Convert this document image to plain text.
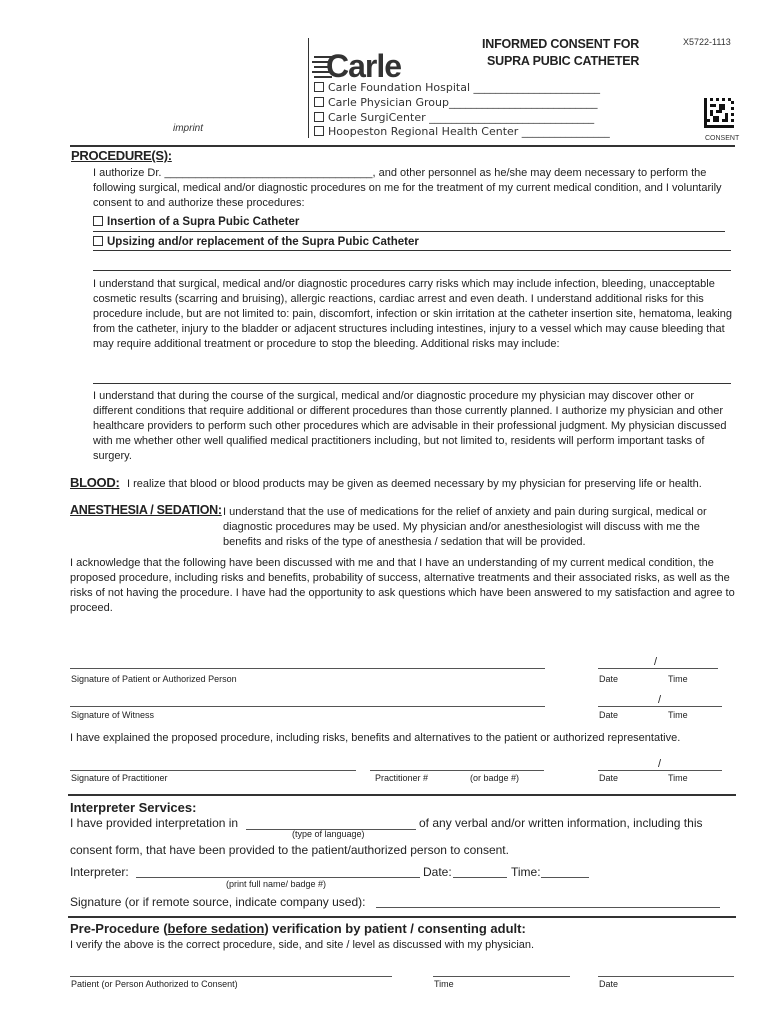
Carle
INFORMED CONSENT FOR
SUPRA PUBIC CATHETER
X5722-1113
Carle Foundation Hospital _______________________
Carle Physician Group___________________________
Carle SurgiCenter ______________________________
Hoopeston Regional Health Center ________________
imprint
CONSENT
PROCEDURE(S):
I authorize Dr. __________________________________, and other personnel as he/she may deem necessary to perform the following surgical, medical and/or diagnostic procedures on me for the treatment of my current medical condition, and I voluntarily consent to and authorize these procedures:
Insertion of a Supra Pubic Catheter
Upsizing and/or replacement of the Supra Pubic Catheter
I understand that surgical, medical and/or diagnostic procedures carry risks which may include infection, bleeding, unacceptable cosmetic results (scarring and bruising), allergic reactions, cardiac arrest and even death. I understand additional risks for this procedure include, but are not limited to: pain, discomfort, infection or skin irritation at the catheter insertion site, hematoma, leaking from the catheter, injury to the bladder or adjacent structures including intestines, injury to a vessel which may cause bleeding that may require additional treatment or procedure to stop the bleeding. Additional risks may include:
I understand that during the course of the surgical, medical and/or diagnostic procedure my physician may discover other or different conditions that require additional or different procedures than those currently planned. I authorize my physician and other healthcare providers to perform such other procedures which are advisable in their professional judgment. My physician discussed with me whether other well qualified medical practitioners including, but not limited to, residents will perform important tasks of surgery.
BLOOD: I realize that blood or blood products may be given as deemed necessary by my physician for preserving life or health.
ANESTHESIA / SEDATION: I understand that the use of medications for the relief of anxiety and pain during surgical, medical or diagnostic procedures may be used. My physician and/or anesthesiologist will discuss with me the benefits and risks of the type of anesthesia / sedation that will be provided.
I acknowledge that the following have been discussed with me and that I have an understanding of my current medical condition, the proposed procedure, including risks and benefits, probability of success, alternative treatments and their associated risks, as well as the risks of not having the procedure. I have had the opportunity to ask questions which have been answered to my satisfaction and agree to proceed.
/
Signature of Patient or Authorized Person	Date	Time
/
Signature of Witness	Date	Time
I have explained the proposed procedure, including risks, benefits and alternatives to the patient or authorized representative.
/
Signature of Practitioner	Practitioner #	(or badge #)	Date	Time
Interpreter Services:
I have provided interpretation in	of any verbal and/or written information, including this
(type of language)
consent form, that have been provided to the patient/authorized person to consent.
Interpreter:	Date:	Time:
(print full name/ badge #)
Signature (or if remote source, indicate company used):
Pre-Procedure (before sedation) verification by patient / consenting adult:
I verify the above is the correct procedure, side, and site / level as discussed with my physician.
Patient (or Person Authorized to Consent)	Time	Date
